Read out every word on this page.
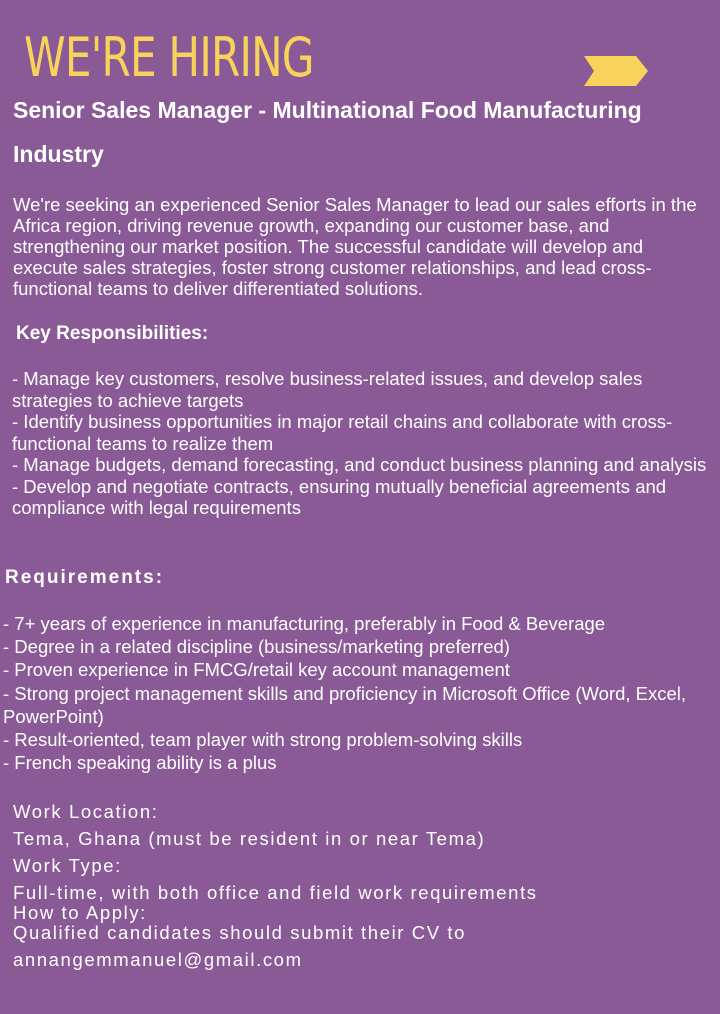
WE'RE HIRING
Senior Sales Manager - Multinational Food Manufacturing Industry
We're seeking an experienced Senior Sales Manager to lead our sales efforts in the Africa region, driving revenue growth, expanding our customer base, and strengthening our market position. The successful candidate will develop and execute sales strategies, foster strong customer relationships, and lead cross-functional teams to deliver differentiated solutions.
Key Responsibilities:
- Manage key customers, resolve business-related issues, and develop sales strategies to achieve targets
- Identify business opportunities in major retail chains and collaborate with cross-functional teams to realize them
- Manage budgets, demand forecasting, and conduct business planning and analysis
- Develop and negotiate contracts, ensuring mutually beneficial agreements and compliance with legal requirements
Requirements:
- 7+ years of experience in manufacturing, preferably in Food & Beverage
- Degree in a related discipline (business/marketing preferred)
- Proven experience in FMCG/retail key account management
- Strong project management skills and proficiency in Microsoft Office (Word, Excel, PowerPoint)
- Result-oriented, team player with strong problem-solving skills
- French speaking ability is a plus
Work Location:
Tema, Ghana (must be resident in or near Tema)
Work Type:
Full-time, with both office and field work requirements
How to Apply:
Qualified candidates should submit their CV to
annangemmanuel@gmail.com
